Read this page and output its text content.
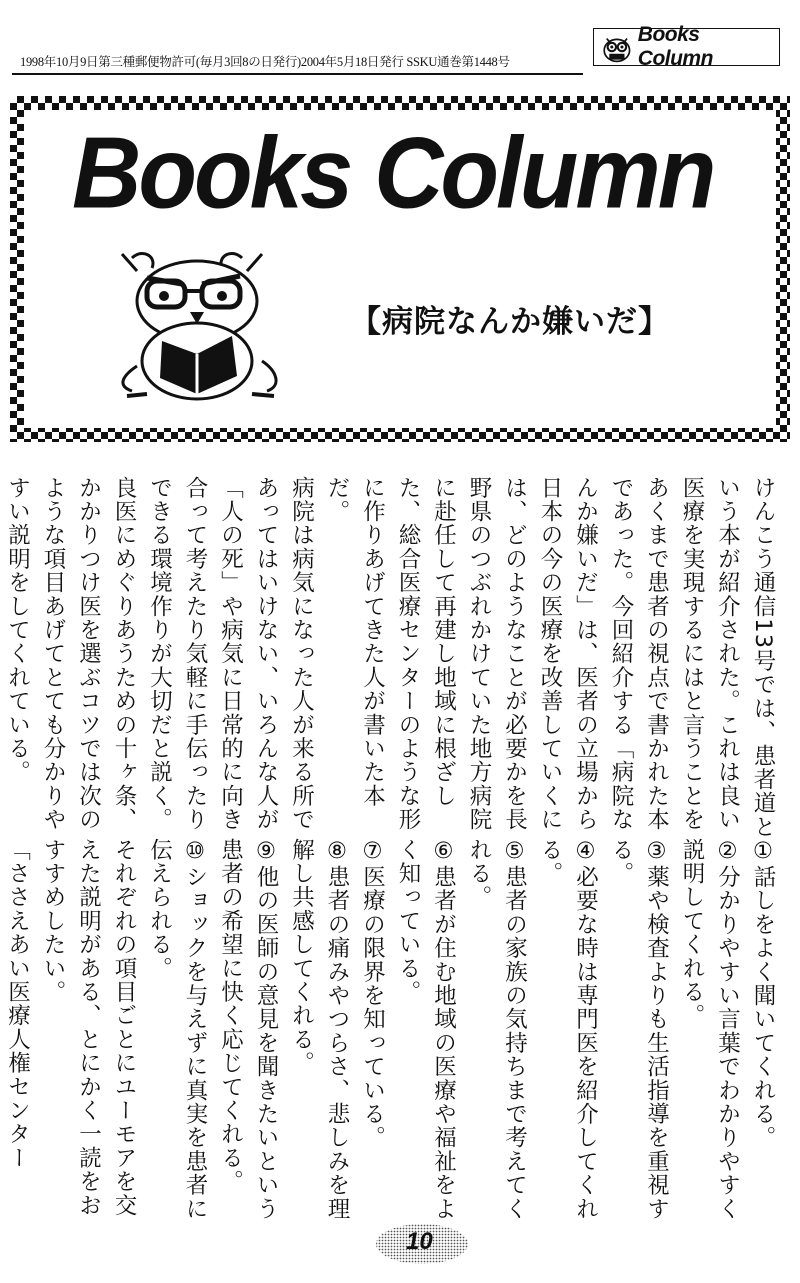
1998年10月9日第三種郵便物許可(毎月3回8の日発行)2004年5月18日発行 SSKU通巻第1448号
Books Column
Books Column
【病院なんか嫌いだ】
けんこう通信13号では、患者道という本が紹介された。これは良い医療を実現するにはと言うことをあくまで患者の視点で書かれた本であった。今回紹介する「病院なんか嫌いだ」は、医者の立場から日本の今の医療を改善していくには、どのようなことが必要かを長野県のつぶれかけていた地方病院に赴任して再建し地域に根ざした、総合医療センターのような形に作りあげてきた人が書いた本だ。
病院は病気になった人が来る所であってはいけない、いろんな人が「人の死」や病気に日常的に向き合って考えたり気軽に手伝ったりできる環境作りが大切だと説く。
良医にめぐりあうための十ヶ条、かかりつけ医を選ぶコツでは次のような項目あげてとても分かりやすい説明をしてくれている。
①話しをよく聞いてくれる。
②分かりやすい言葉でわかりやすく説明してくれる。
③薬や検査よりも生活指導を重視する。
④必要な時は専門医を紹介してくれる。
⑤患者の家族の気持ちまで考えてくれる。
⑥患者が住む地域の医療や福祉をよく知っている。
⑦医療の限界を知っている。
⑧患者の痛みやつらさ、悲しみを理解し共感してくれる。
⑨他の医師の意見を聞きたいという患者の希望に快く応じてくれる。
⑩ショックを与えずに真実を患者に伝えられる。
それぞれの項目ごとにユーモアを交えた説明がある、とにかく一読をおすすめしたい。
「ささえあい医療人権センター
10
